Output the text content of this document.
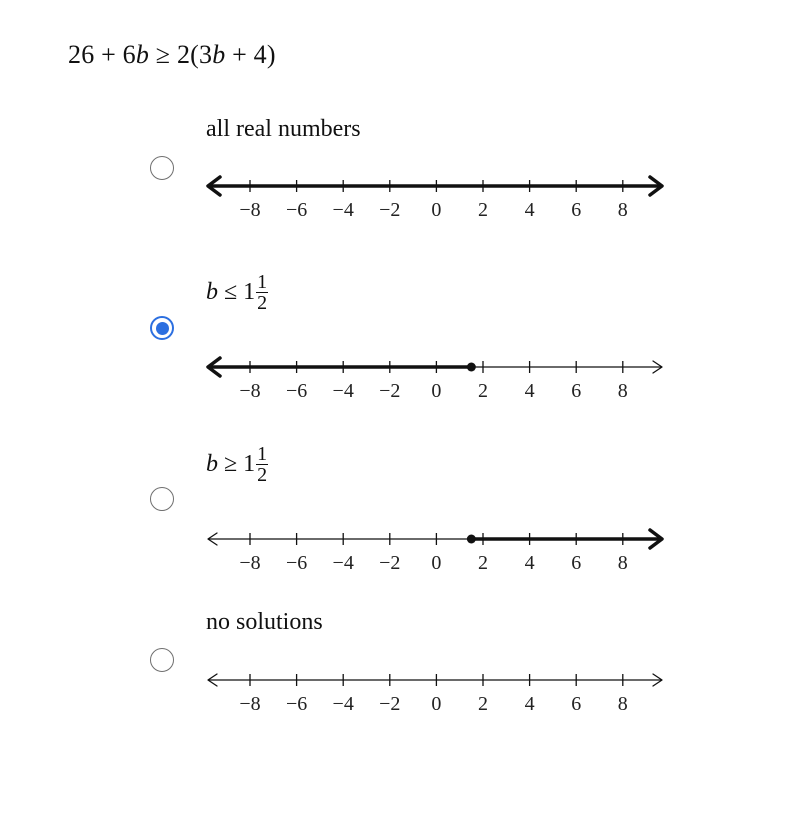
26 + 6b ≥ 2(3b + 4)
all real numbers
−8 −6 −4 −2 0 2 4 6 8
$b \le 1 \frac{1}{2}$
−8 −6 −4 −2 0 2 4 6 8
$b \ge 1 \frac{1}{2}$
−8 −6 −4 −2 0 2 4 6 8
no solutions
−8 −6 −4 −2 0 2 4 6 8
